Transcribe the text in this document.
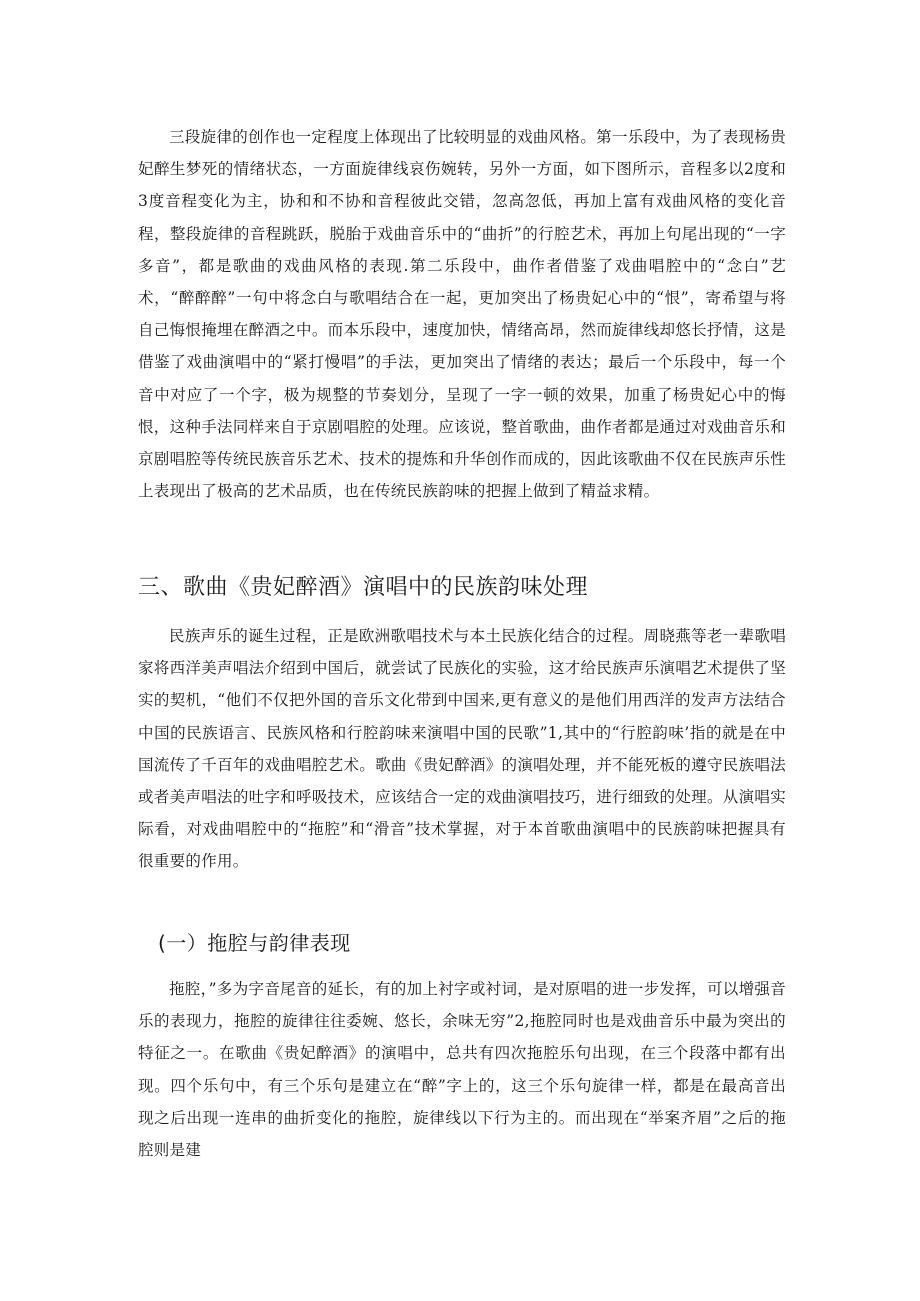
三段旋律的创作也一定程度上体现出了比较明显的戏曲风格。第一乐段中，为了表现杨贵妃醉生梦死的情绪状态，一方面旋律线哀伤婉转，另外一方面，如下图所示，音程多以2度和3度音程变化为主，协和和不协和音程彼此交错，忽高忽低，再加上富有戏曲风格的变化音程，整段旋律的音程跳跃，脱胎于戏曲音乐中的“曲折”的行腔艺术，再加上句尾出现的“一字多音”，都是歌曲的戏曲风格的表现.第二乐段中，曲作者借鉴了戏曲唱腔中的“念白”艺术，“醉醉醉”一句中将念白与歌唱结合在一起，更加突出了杨贵妃心中的“恨”，寄希望与将自己悔恨掩埋在醉酒之中。而本乐段中，速度加快，情绪高昂，然而旋律线却悠长抒情，这是借鉴了戏曲演唱中的“紧打慢唱”的手法，更加突出了情绪的表达；最后一个乐段中，每一个音中对应了一个字，极为规整的节奏划分，呈现了一字一顿的效果，加重了杨贵妃心中的悔恨，这种手法同样来自于京剧唱腔的处理。应该说，整首歌曲，曲作者都是通过对戏曲音乐和京剧唱腔等传统民族音乐艺术、技术的提炼和升华创作而成的，因此该歌曲不仅在民族声乐性上表现出了极高的艺术品质，也在传统民族韵味的把握上做到了精益求精。

三、歌曲《贵妃醉酒》演唱中的民族韵味处理

民族声乐的诞生过程，正是欧洲歌唱技术与本土民族化结合的过程。周晓燕等老一辈歌唱家将西洋美声唱法介绍到中国后，就尝试了民族化的实验，这才给民族声乐演唱艺术提供了坚实的契机，“他们不仅把外国的音乐文化带到中国来,更有意义的是他们用西洋的发声方法结合中国的民族语言、民族风格和行腔韵味来演唱中国的民歌”1,其中的“行腔韵味’指的就是在中国流传了千百年的戏曲唱腔艺术。歌曲《贵妃醉酒》的演唱处理，并不能死板的遵守民族唱法或者美声唱法的吐字和呼吸技术，应该结合一定的戏曲演唱技巧，进行细致的处理。从演唱实际看，对戏曲唱腔中的“拖腔”和“滑音”技术掌握，对于本首歌曲演唱中的民族韵味把握具有很重要的作用。

(一）拖腔与韵律表现

拖腔，”多为字音尾音的延长，有的加上衬字或衬词，是对原唱的进一步发挥，可以增强音乐的表现力，拖腔的旋律往往委婉、悠长，余味无穷”2,拖腔同时也是戏曲音乐中最为突出的特征之一。在歌曲《贵妃醉酒》的演唱中，总共有四次拖腔乐句出现，在三个段落中都有出现。四个乐句中，有三个乐句是建立在“醉”字上的，这三个乐句旋律一样，都是在最高音出现之后出现一连串的曲折变化的拖腔，旋律线以下行为主的。而出现在“举案齐眉”之后的拖腔则是建
